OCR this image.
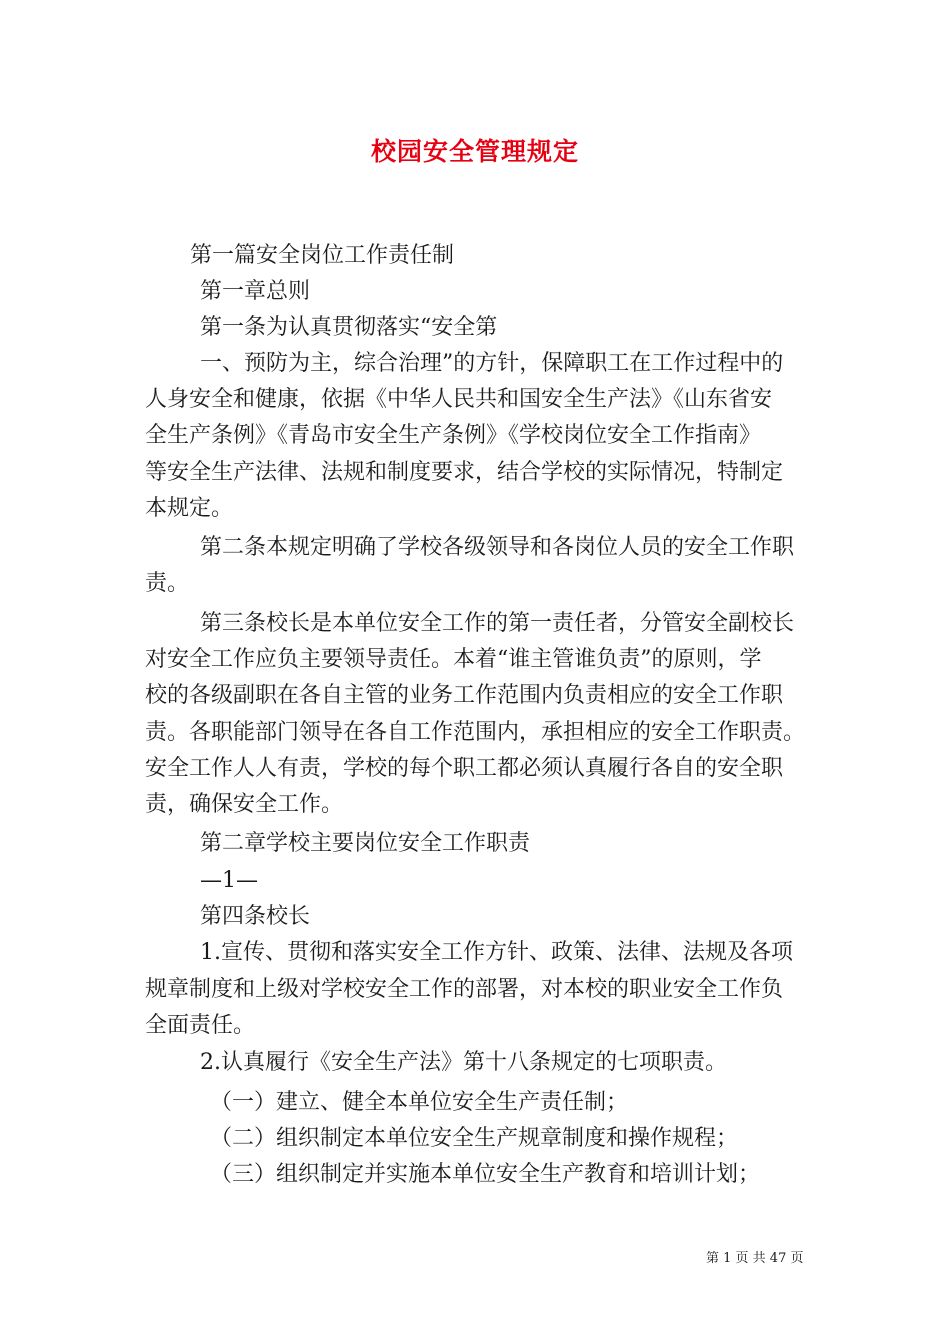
校园安全管理规定
第一篇安全岗位工作责任制
第一章总则
第一条为认真贯彻落实“安全第
一、预防为主，综合治理”的方针，保障职工在工作过程中的
人身安全和健康，依据《中华人民共和国安全生产法》《山东省安
全生产条例》《青岛市安全生产条例》《学校岗位安全工作指南》
等安全生产法律、法规和制度要求，结合学校的实际情况，特制定
本规定。
第二条本规定明确了学校各级领导和各岗位人员的安全工作职
责。
第三条校长是本单位安全工作的第一责任者，分管安全副校长
对安全工作应负主要领导责任。本着“谁主管谁负责”的原则，学
校的各级副职在各自主管的业务工作范围内负责相应的安全工作职
责。各职能部门领导在各自工作范围内，承担相应的安全工作职责。
安全工作人人有责，学校的每个职工都必须认真履行各自的安全职
责，确保安全工作。
第二章学校主要岗位安全工作职责
—1—
第四条校长
1.宣传、贯彻和落实安全工作方针、政策、法律、法规及各项
规章制度和上级对学校安全工作的部署，对本校的职业安全工作负
全面责任。
2.认真履行《安全生产法》第十八条规定的七项职责。
（一）建立、健全本单位安全生产责任制；
（二）组织制定本单位安全生产规章制度和操作规程；
（三）组织制定并实施本单位安全生产教育和培训计划；
第 1 页 共 47 页
